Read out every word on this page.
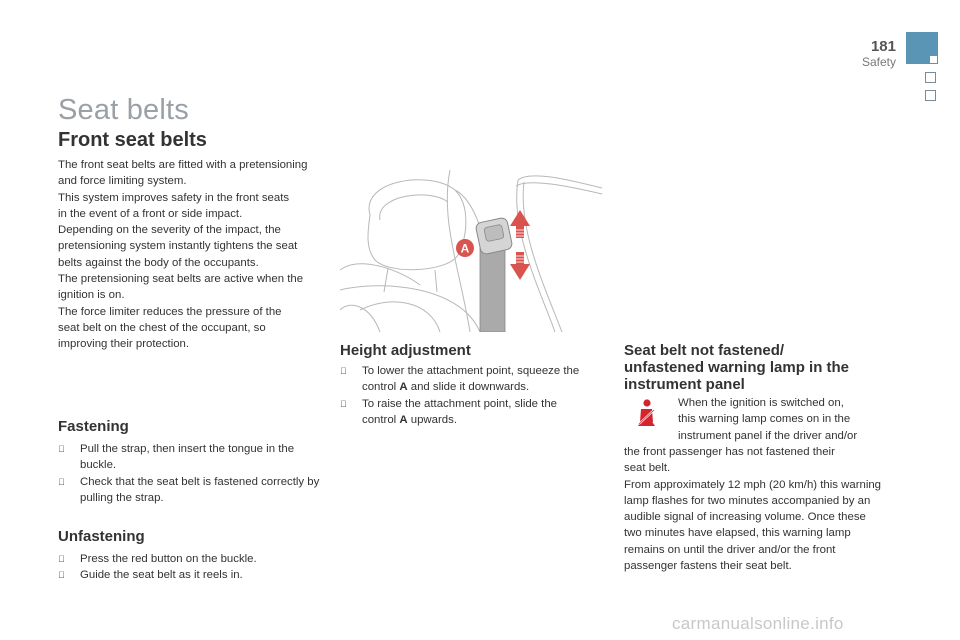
181
Safety
Seat belts
Front seat belts

The front seat belts are fitted with a pretensioning and force limiting system.

This system improves safety in the front seats in the event of a front or side impact.

Depending on the severity of the impact, the pretensioning system instantly tightens the seat belts against the body of the occupants.

The pretensioning seat belts are active when the ignition is on.

The force limiter reduces the pressure of the seat belt on the chest of the occupant, so improving their protection.

Fastening
Pull the strap, then insert the tongue in the buckle.
Check that the seat belt is fastened correctly by pulling the strap.
Unfastening
Press the red button on the buckle.
Guide the seat belt as it reels in.
A
Height adjustment
To lower the attachment point, squeeze the control A and slide it downwards.
To raise the attachment point, slide the control A upwards.
Seat belt not fastened/
unfastened warning lamp in the
instrument panel

When the ignition is switched on,

this warning lamp comes on in the

instrument panel if the driver and/or

the front passenger has not fastened their seat belt.

From approximately 12 mph (20 km/h) this warning lamp flashes for two minutes accompanied by an audible signal of increasing volume. Once these two minutes have elapsed, this warning lamp remains on until the driver and/or the front passenger fastens their seat belt.

carmanualsonline.info
